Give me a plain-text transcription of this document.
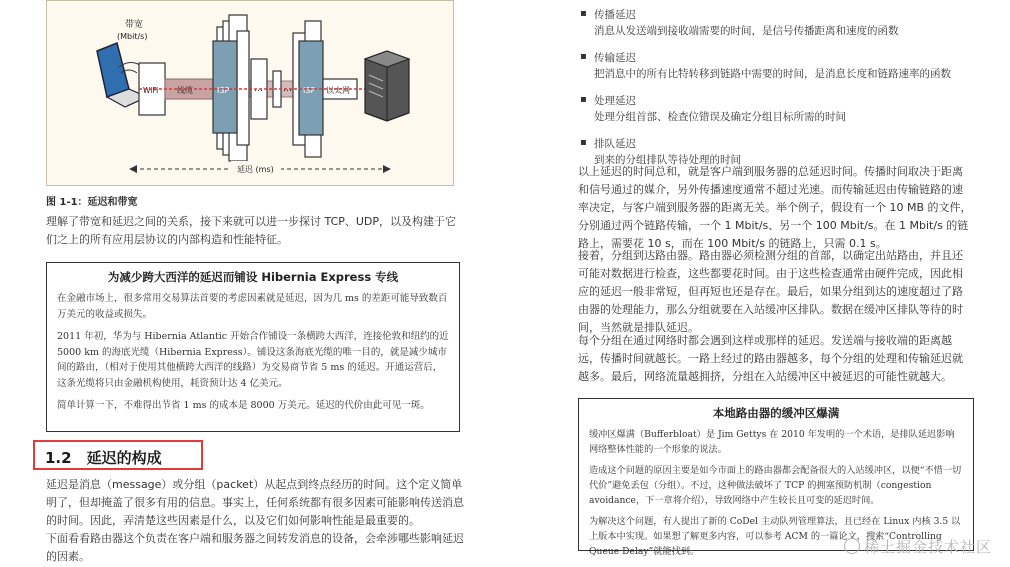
带宽
(Mbit/s)
WiFi 线缆	ISP	… … ISP 以太网
延迟 (ms)
图 1-1：延迟和带宽

理解了带宽和延迟之间的关系，接下来就可以进一步探讨 TCP、UDP，以及构建于它们之上的所有应用层协议的内部构造和性能特征。

为减少跨大西洋的延迟而铺设 Hibernia Express 专线

在金融市场上，很多常用交易算法首要的考虑因素就是延迟，因为几 ms 的差距可能导致数百万美元的收益或损失。

2011 年初，华为与 Hibernia Atlantic 开始合作铺设一条横跨大西洋，连接伦敦和纽约的近 5000 km 的海底光缆（Hibernia Express）。铺设这条海底光缆的唯一目的，就是减少城市间的路由，（相对于使用其他横跨大西洋的线路）为交易商节省 5 ms 的延迟。开通运营后，这条光缆将只由金融机构使用，耗资预计达 4 亿美元。

简单计算一下，不难得出节省 1 ms 的成本是 8000 万美元。延迟的代价由此可见一斑。

1.2　延迟的构成

延迟是消息（message）或分组（packet）从起点到终点经历的时间。这个定义简单明了，但却掩盖了很多有用的信息。事实上，任何系统都有很多因素可能影响传送消息的时间。因此，弄清楚这些因素是什么，以及它们如何影响性能是最重要的。

下面看看路由器这个负责在客户端和服务器之间转发消息的设备，会牵涉哪些影响延迟的因素。

▪ 传播延迟
消息从发送端到接收端需要的时间，是信号传播距离和速度的函数
▪ 传输延迟
把消息中的所有比特转移到链路中需要的时间，是消息长度和链路速率的函数
▪ 处理延迟
处理分组首部、检查位错误及确定分组目标所需的时间
▪ 排队延迟
到来的分组排队等待处理的时间

以上延迟的时间总和，就是客户端到服务器的总延迟时间。传播时间取决于距离和信号通过的媒介，另外传播速度通常不超过光速。而传输延迟由传输链路的速率决定，与客户端到服务器的距离无关。举个例子，假设有一个 10 MB 的文件，分别通过两个链路传输，一个 1 Mbit/s、另一个 100 Mbit/s。在 1 Mbit/s 的链路上，需要花 10 s，而在 100 Mbit/s 的链路上，只需 0.1 s。

接着，分组到达路由器。路由器必须检测分组的首部，以确定出站路由，并且还可能对数据进行检查，这些都要花时间。由于这些检查通常由硬件完成，因此相应的延迟一般非常短，但再短也还是存在。最后，如果分组到达的速度超过了路由器的处理能力，那么分组就要在入站缓冲区排队。数据在缓冲区排队等待的时间，当然就是排队延迟。

每个分组在通过网络时都会遇到这样或那样的延迟。发送端与接收端的距离越远，传播时间就越长。一路上经过的路由器越多，每个分组的处理和传输延迟就越多。最后，网络流量越拥挤，分组在入站缓冲区中被延迟的可能性就越大。

本地路由器的缓冲区爆满

缓冲区爆满（Bufferbloat）是 Jim Gettys 在 2010 年发明的一个术语，是排队延迟影响网络整体性能的一个形象的说法。

造成这个问题的原因主要是如今市面上的路由器都会配备很大的入站缓冲区，以便“不惜一切代价”避免丢包（分组）。不过，这种做法破坏了 TCP 的拥塞预防机制（congestion avoidance，下一章将介绍），导致网络中产生较长且可变的延迟时间。

为解决这个问题，有人提出了新的 CoDel 主动队列管理算法，且已经在 Linux 内核 3.5 以上版本中实现。如果想了解更多内容，可以参考 ACM 的一篇论文，搜索“Controlling Queue Delay”就能找到。	稀土掘金技术社区
